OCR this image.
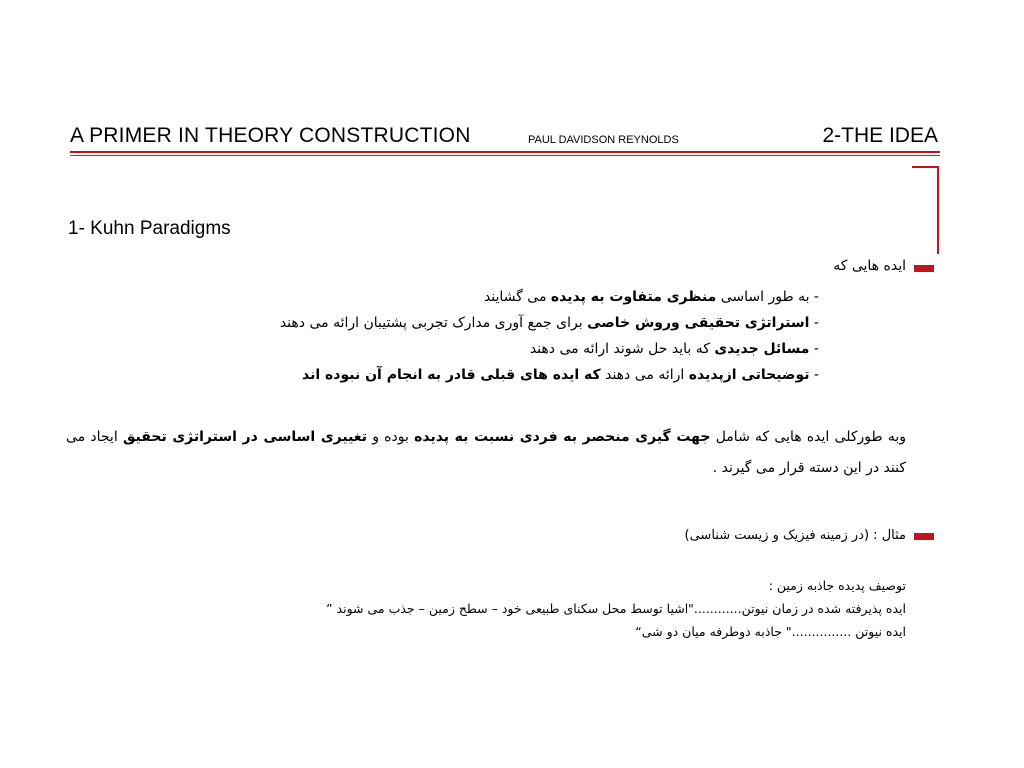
A PRIMER IN THEORY CONSTRUCTION	PAUL DAVIDSON REYNOLDS	2-THE IDEA
1- Kuhn Paradigms
ایده هایی که
- به طور اساسی منظری متفاوت به پدیده می گشایند
- استراتژی تحقیقی وروش خاصی برای جمع آوری مدارک تجربی پشتیبان ارائه می دهند
- مسائل جدیدی که باید حل شوند ارائه می دهند
- توضیحاتی ازپدیده ارائه می دهند که ایده های قبلی قادر به انجام آن نبوده اند
وبه طورکلی ایده هایی که شامل جهت گیری منحصر به فردی نسبت به پدیده بوده و تغییری اساسی در استراتژی تحقیق ایجاد می کنند در این دسته قرار می گیرند .
مثال : (در زمینه فیزیک و زیست شناسی)
توصیف پدیده جاذبه زمین :
ایده پذیرفته شده در زمان نیوتن............"اشیا توسط محل سکنای طبیعی خود – سطح زمین – جذب می شوند ”
ایده نیوتن ..............." جاذبه دوطرفه میان دو شی“
